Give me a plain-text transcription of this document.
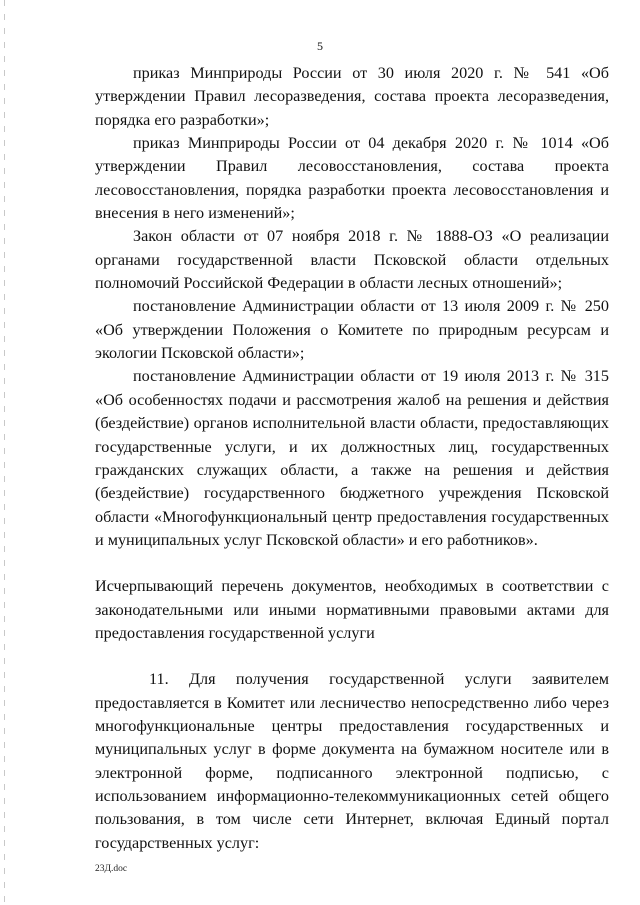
5

приказ Минприроды России от 30 июля 2020 г. № 541 «Об утверждении Правил лесоразведения, состава проекта лесоразведения, порядка его разработки»;

приказ Минприроды России от 04 декабря 2020 г. № 1014 «Об утверждении Правил лесовосстановления, состава проекта лесовосстановления, порядка разработки проекта лесовосстановления и внесения в него изменений»;

Закон области от 07 ноября 2018 г. № 1888-ОЗ «О реализации органами государственной власти Псковской области отдельных полномочий Российской Федерации в области лесных отношений»;

постановление Администрации области от 13 июля 2009 г. № 250 «Об утверждении Положения о Комитете по природным ресурсам и экологии Псковской области»;

постановление Администрации области от 19 июля 2013 г. № 315 «Об особенностях подачи и рассмотрения жалоб на решения и действия (бездействие) органов исполнительной власти области, предоставляющих государственные услуги, и их должностных лиц, государственных гражданских служащих области, а также на решения и действия (бездействие) государственного бюджетного учреждения Псковской области «Многофункциональный центр предоставления государственных и муниципальных услуг Псковской области» и его работников».

Исчерпывающий перечень документов, необходимых в соответствии с законодательными или иными нормативными правовыми актами для предоставления государственной услуги

11. Для получения государственной услуги заявителем предоставляется в Комитет или лесничество непосредственно либо через многофункциональные центры предоставления государственных и муниципальных услуг в форме документа на бумажном носителе или в электронной форме, подписанного электронной подписью, с использованием информационно-телекоммуникационных сетей общего пользования, в том числе сети Интернет, включая Единый портал государственных услуг:

23Д.doc
